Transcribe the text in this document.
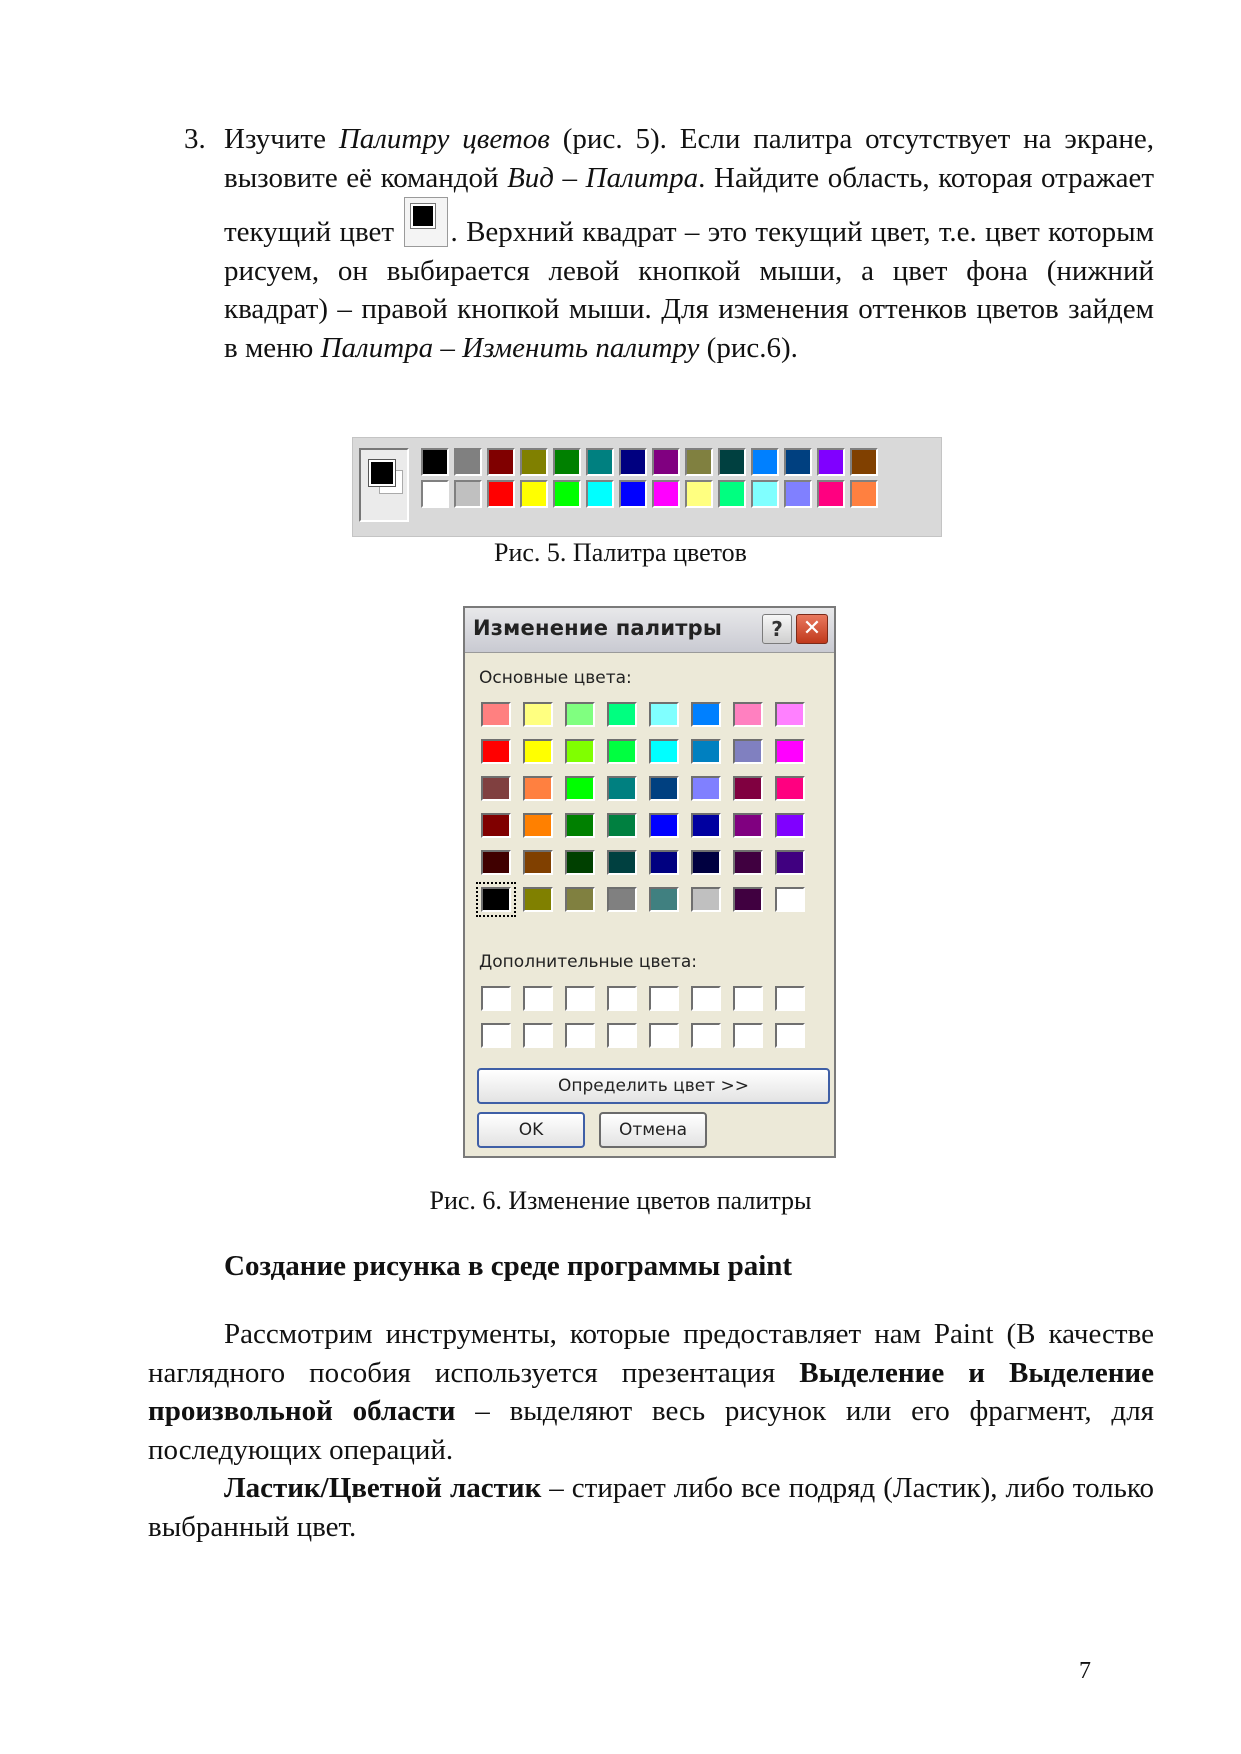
3. Изучите Палитру цветов (рис. 5). Если палитра отсутствует на экране, вызовите её командой Вид – Палитра. Найдите область, которая отражает текущий цвет
. Верхний квадрат – это текущий цвет, т.е. цвет которым рисуем, он выбирается левой кнопкой мыши, а цвет фона (нижний квадрат) – правой кнопкой мыши. Для изменения оттенков цветов зайдем в меню Палитра – Изменить палитру (рис.6).
Рис. 5. Палитра цветов
Изменение палитры	? ✕
Основные цвета:
Дополнительные цвета:
Определить цвет >>
OK	Отмена
Рис. 6. Изменение цветов палитры
Создание рисунка в среде программы paint
Рассмотрим инструменты, которые предоставляет нам Paint (В качестве наглядного пособия используется презентация Выделение и Выделение произвольной области – выделяют весь рисунок или его фрагмент, для последующих операций.
Ластик/Цветной ластик – стирает либо все подряд (Ластик), либо только выбранный цвет.
7
